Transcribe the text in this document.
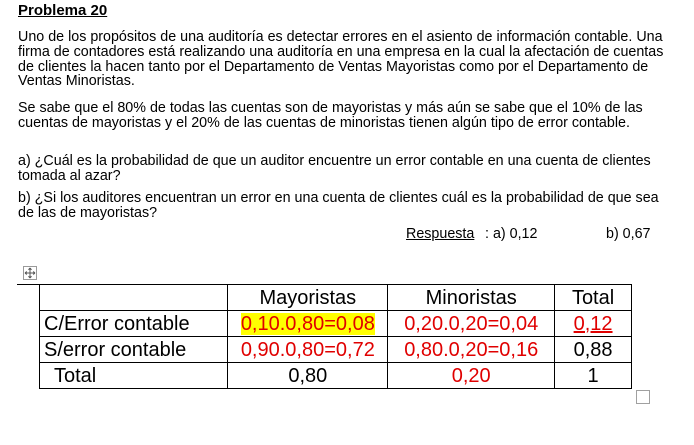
Problema 20
Uno de los propósitos de una auditoría es detectar errores en el asiento de información contable. Una firma de contadores está realizando una auditoría en una empresa en la cual la afectación de cuentas de clientes la hacen tanto por el Departamento de Ventas Mayoristas como por el Departamento de Ventas Minoristas.
Se sabe que el 80% de todas las cuentas son de mayoristas y más aún se sabe que el 10% de las cuentas de mayoristas y el 20% de las cuentas de minoristas tienen algún tipo de error contable.
a) ¿Cuál es la probabilidad de que un auditor encuentre un error contable en una cuenta de clientes tomada al azar?
b) ¿Si los auditores encuentran un error en una cuenta de clientes cuál es la probabilidad de que sea de las de mayoristas?
Respuesta : a) 0,12	b) 0,67
	Mayoristas	Minoristas	Total
C/Error contable	0,10.0,80=0,08	0,20.0,20=0,04	0,12
S/error contable	0,90.0,80=0,72	0,80.0,20=0,16	0,88
Total	0,80	0,20	1
